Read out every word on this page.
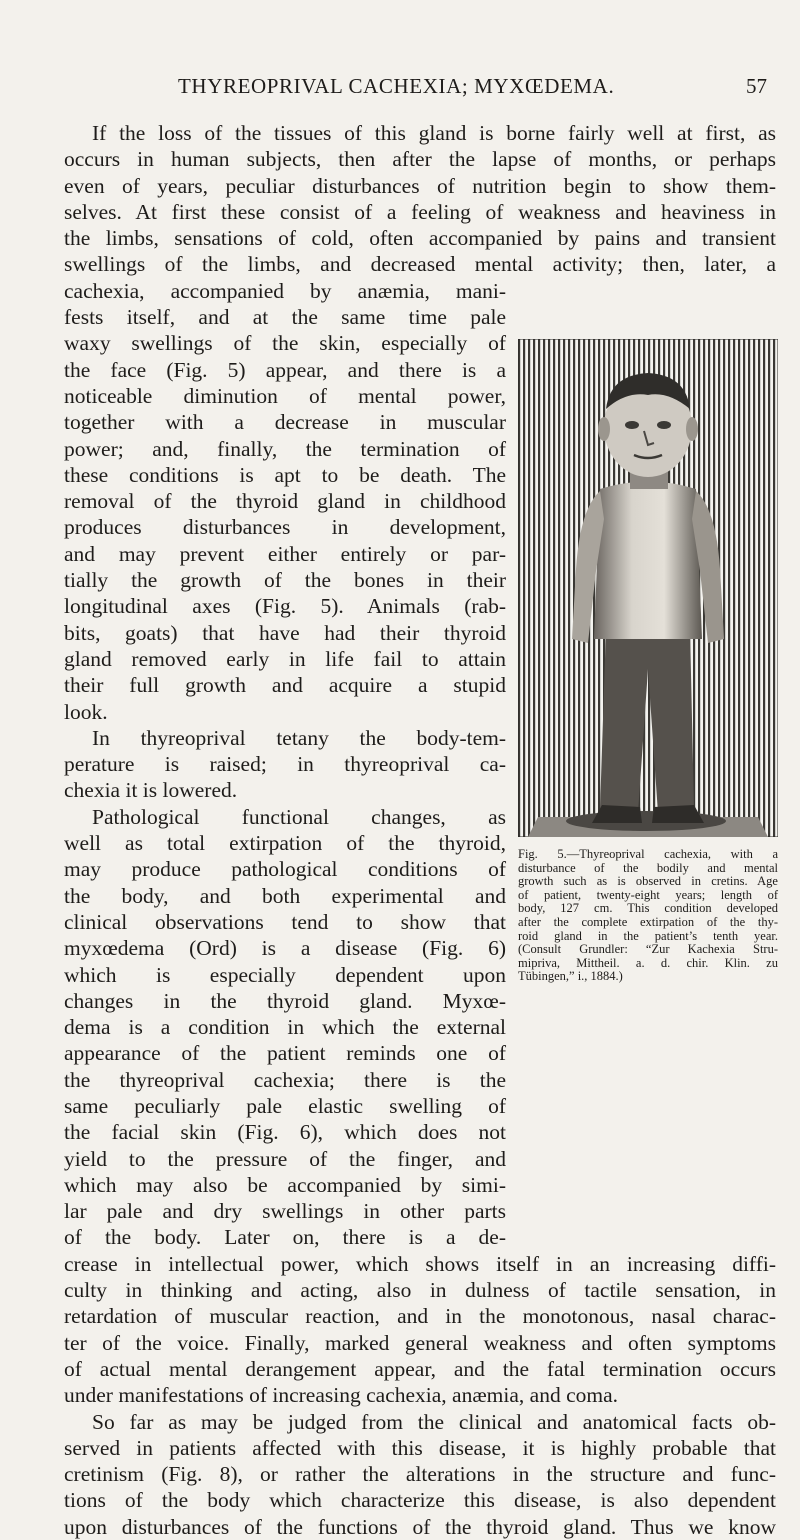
THYREOPRIVAL CACHEXIA; MYXŒDEMA.	57
If the loss of the tissues of this gland is borne fairly well at first, as
occurs in human subjects, then after the lapse of months, or perhaps
even of years, peculiar disturbances of nutrition begin to show them-
selves. At first these consist of a feeling of weakness and heaviness in
the limbs, sensations of cold, often accompanied by pains and transient
swellings of the limbs, and decreased mental activity; then, later, a
cachexia, accompanied by anæmia, mani-
fests itself, and at the same time pale
waxy swellings of the skin, especially of
the face (Fig. 5) appear, and there is a
noticeable diminution of mental power,
together with a decrease in muscular
power; and, finally, the termination of
these conditions is apt to be death. The
removal of the thyroid gland in childhood
produces disturbances in development,
and may prevent either entirely or par-
tially the growth of the bones in their
longitudinal axes (Fig. 5). Animals (rab-
bits, goats) that have had their thyroid
gland removed early in life fail to attain
their full growth and acquire a stupid
look.
In thyreoprival tetany the body-tem-
perature is raised; in thyreoprival ca-
chexia it is lowered.
Pathological functional changes, as
well as total extirpation of the thyroid,
may produce pathological conditions of
the body, and both experimental and
clinical observations tend to show that
myxœdema (Ord) is a disease (Fig. 6)
which is especially dependent upon
changes in the thyroid gland. Myxœ-
dema is a condition in which the external
appearance of the patient reminds one of
the thyreoprival cachexia; there is the
same peculiarly pale elastic swelling of
the facial skin (Fig. 6), which does not
yield to the pressure of the finger, and
which may also be accompanied by simi-
lar pale and dry swellings in other parts
of the body. Later on, there is a de-
crease in intellectual power, which shows itself in an increasing diffi-
culty in thinking and acting, also in dulness of tactile sensation, in
retardation of muscular reaction, and in the monotonous, nasal charac-
ter of the voice. Finally, marked general weakness and often symptoms
of actual mental derangement appear, and the fatal termination occurs
under manifestations of increasing cachexia, anæmia, and coma.
So far as may be judged from the clinical and anatomical facts ob-
served in patients affected with this disease, it is highly probable that
cretinism (Fig. 8), or rather the alterations in the structure and func-
tions of the body which characterize this disease, is also dependent
upon disturbances of the functions of the thyroid gland. Thus we know
Fig. 5.—Thyreoprival cachexia, with a
disturbance of the bodily and mental
growth such as is observed in cretins. Age
of patient, twenty-eight years; length of
body, 127 cm. This condition developed
after the complete extirpation of the thy-
roid gland in the patient’s tenth year.
(Consult Grundler: “Zur Kachexia Stru-
mipriva, Mittheil. a. d. chir. Klin. zu
Tübingen,” i., 1884.)
